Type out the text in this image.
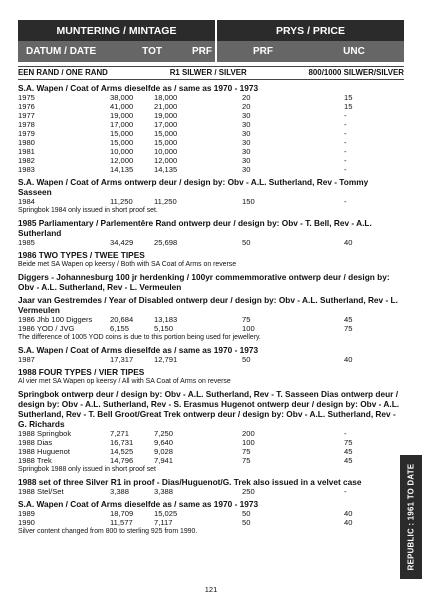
MUNTERING / MINTAGE	PRYS / PRICE
DATUM / DATE	TOT	PRF	PRF	UNC
EEN RAND / ONE RAND	R1 SILWER / SILVER	800/1000 SILWER/SILVER
S.A. Wapen / Coat of Arms dieselfde as / same as 1970 - 1973
1975	38,000	18,000	20	15
1976	41,000	21,000	20	15
1977	19,000	19,000	30	-
1978	17,000	17,000	30	-
1979	15,000	15,000	30	-
1980	15,000	15,000	30	-
1981	10,000	10,000	30	-
1982	12,000	12,000	30	-
1983	14,135	14,135	30	-
S.A. Wapen / Coat of Arms ontwerp deur / design by: Obv - A.L. Sutherland, Rev - Tommy Sasseen
1984	11,250	11,250	150	-
Springbok 1984 only issued in short proof set.
1985 Parliamentary / Parlementêre Rand ontwerp deur / design by: Obv - T. Bell, Rev - A.L. Sutherland
1985	34,429	25,698	50	40
1986 TWO TYPES / TWEE TIPES
Beide met SA Wapen op keersy / Both with SA Coat of Arms on reverse
Diggers - Johannesburg 100 jr herdenking / 100yr commemmorative ontwerp deur / design by: Obv - A.L. Sutherland, Rev - L. Vermeulen
Jaar van Gestremdes / Year of Disabled ontwerp deur / design by: Obv - A.L. Sutherland, Rev - L. Vermeulen
1986 Jhb 100 Diggers	20,684	13,183	75	45
1986 YOD / JVG	6,155	5,150	100	75
The difference of 1005 YOD coins is due to this portion being used for jewellery.
S.A. Wapen / Coat of Arms dieselfde as / same as 1970 - 1973
1987	17,317	12,791	50	40
1988 FOUR TYPES / VIER TIPES
Al vier met SA Wapen op keersy / All with SA Coat of Arms on reverse
Springbok ontwerp deur / design by: Obv - A.L. Sutherland, Rev - T. Sasseen Dias ontwerp deur / design by: Obv - A.L. Sutherland, Rev - S. Erasmus Hugenot ontwerp deur / design by: Obv - A.L. Sutherland, Rev - T. Bell Groot/Great Trek ontwerp deur / design by: Obv - A.L. Sutherland, Rev - G. Richards
1988 Springbok	7,271	7,250	200	-
1988 Dias	16,731	9,640	100	75
1988 Huguenot	14,525	9,028	75	45
1988 Trek	14,796	7,941	75	45
Springbok 1988 only issued in short proof set
1988 set of three Silver R1 in proof - Dias/Huguenot/G. Trek also issued in a velvet case
1988 Stel/Set	3,388	3,388	250	-
S.A. Wapen / Coat of Arms dieselfde as / same as 1970 - 1973
1989	18,709	15,025	50	40
1990	11,577	7,117	50	40
Silver content changed from 800 to sterling 925 from 1990.	REPUBLIC : 1961 TO DATE
121
